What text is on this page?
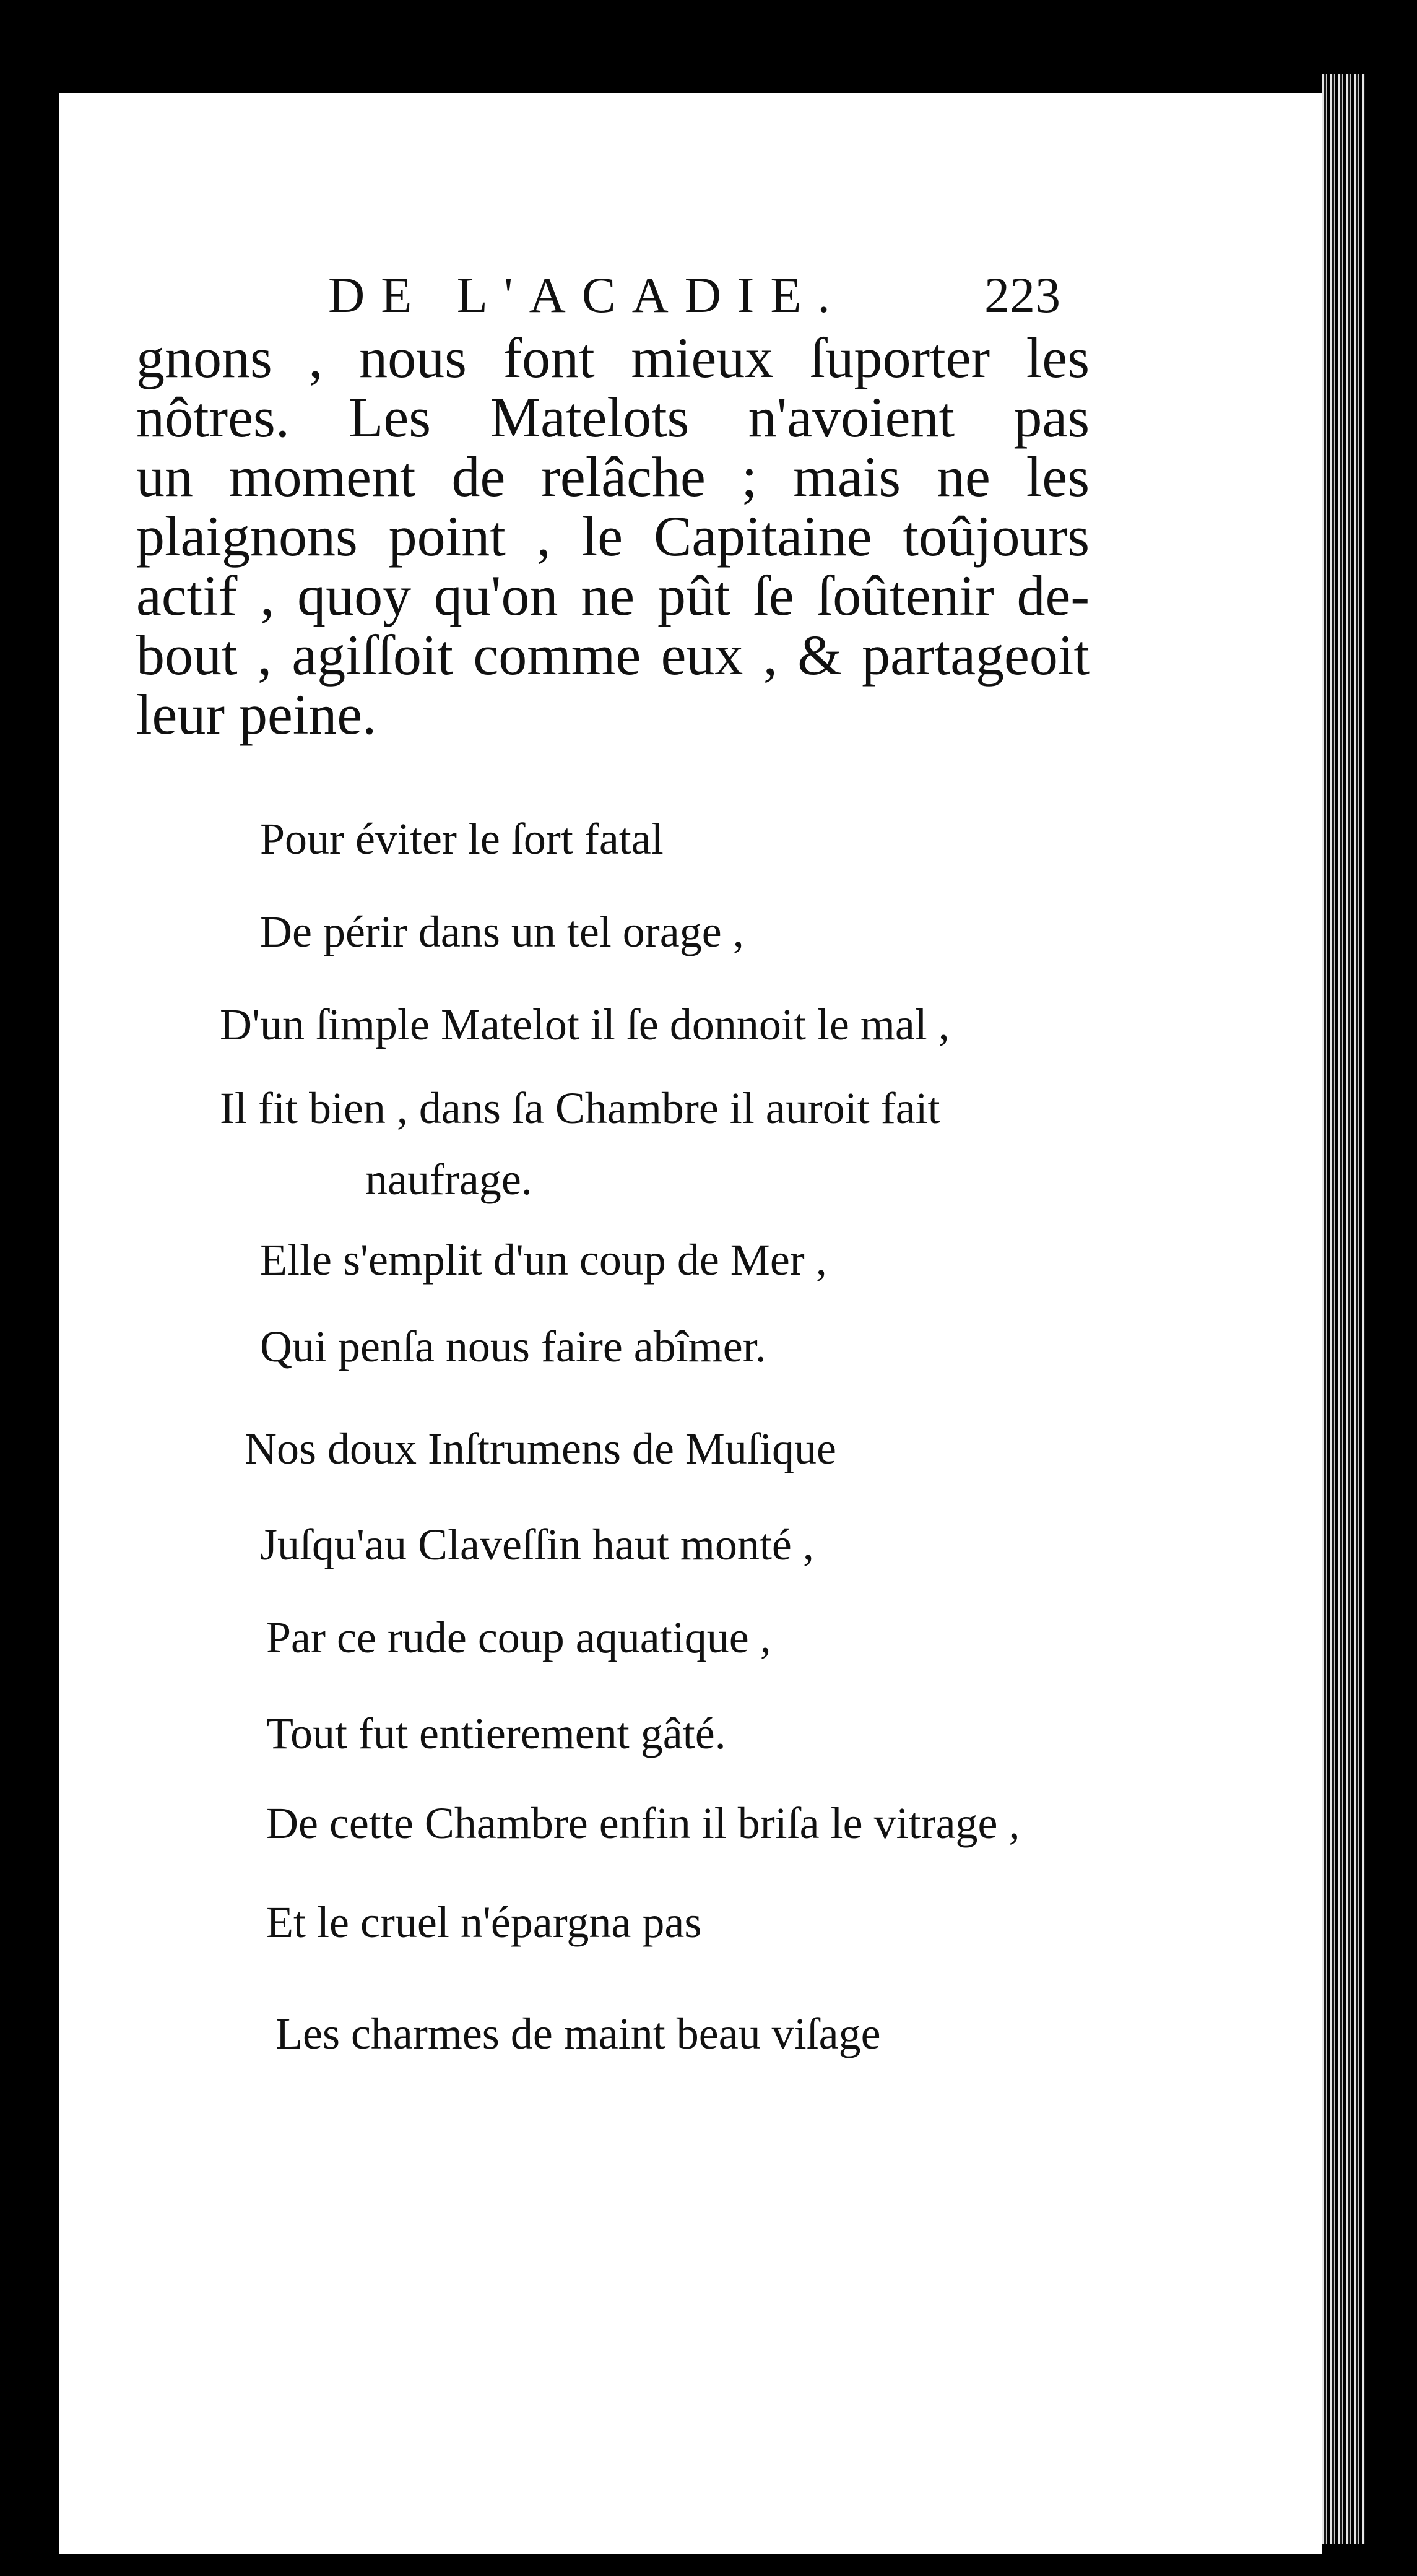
DE L'ACADIE.	223
gnons , nous font mieux ſuporter les
nôtres. Les Matelots n'avoient pas
un moment de relâche ; mais ne les
plaignons point , le Capitaine toûjours
actif , quoy qu'on ne pût ſe ſoûtenir de-
bout , agiſſoit comme eux , & partageoit
leur peine.
Pour éviter le ſort fatal
De périr dans un tel orage ,
D'un ſimple Matelot il ſe donnoit le mal ,
Il fit bien , dans ſa Chambre il auroit fait
naufrage.
Elle s'emplit d'un coup de Mer ,
Qui penſa nous faire abîmer.
Nos doux Inſtrumens de Muſique
Juſqu'au Claveſſin haut monté ,
Par ce rude coup aquatique ,
Tout fut entierement gâté.
De cette Chambre enfin il briſa le vitrage ,
Et le cruel n'épargna pas
Les charmes de maint beau viſage
